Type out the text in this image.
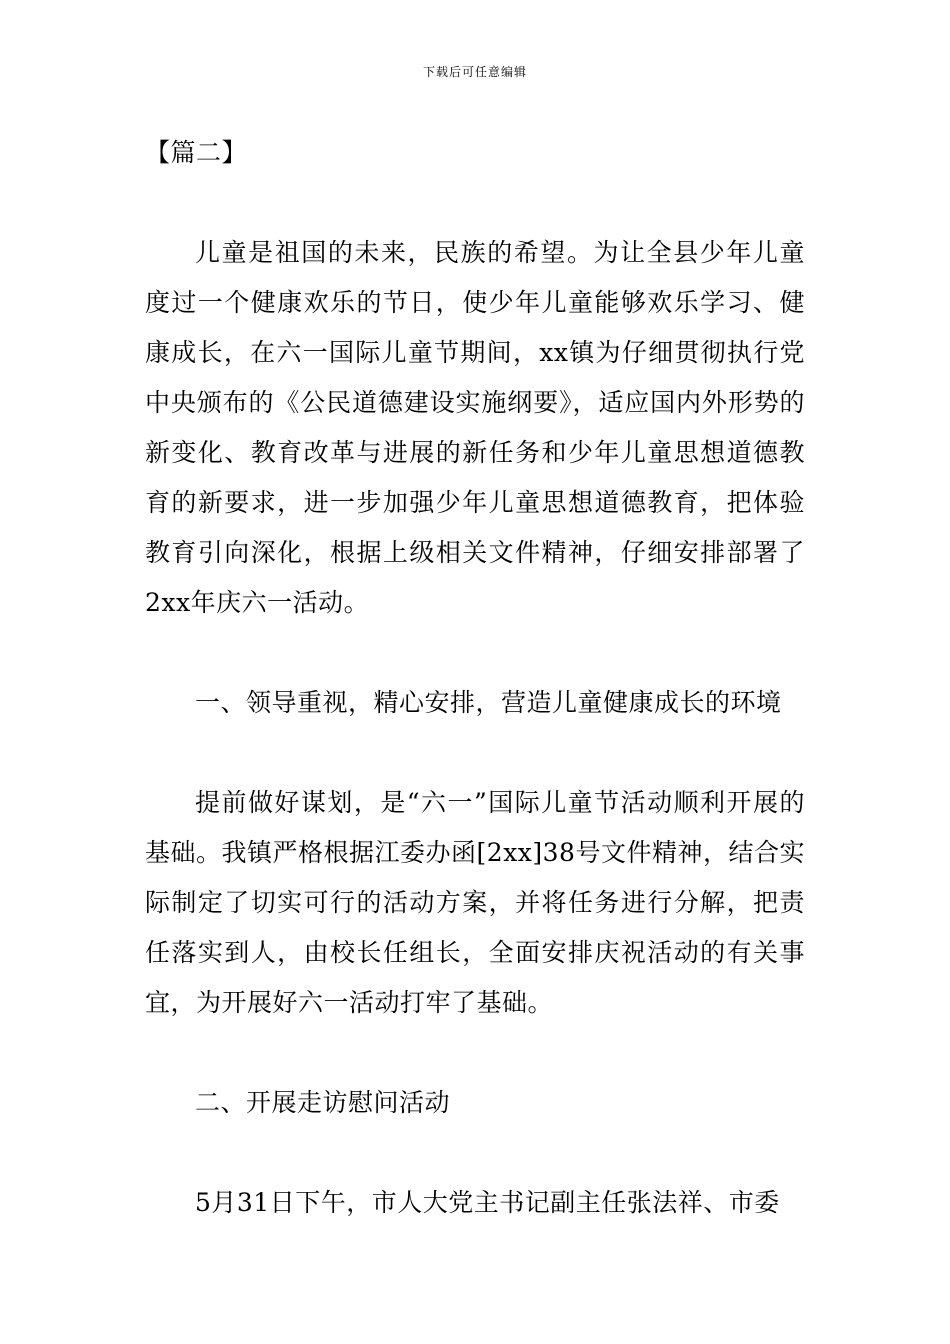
下载后可任意编辑

【篇二】

儿童是祖国的未来，民族的希望。为让全县少年儿童度过一个健康欢乐的节日，使少年儿童能够欢乐学习、健康成长，在六一国际儿童节期间，xx镇为仔细贯彻执行党中央颁布的《公民道德建设实施纲要》，适应国内外形势的新变化、教育改革与进展的新任务和少年儿童思想道德教育的新要求，进一步加强少年儿童思想道德教育，把体验教育引向深化，根据上级相关文件精神，仔细安排部署了2xx年庆六一活动。

一、领导重视，精心安排，营造儿童健康成长的环境

提前做好谋划，是“六一”国际儿童节活动顺利开展的基础。我镇严格根据江委办函[2xx]38号文件精神，结合实际制定了切实可行的活动方案，并将任务进行分解，把责任落实到人，由校长任组长，全面安排庆祝活动的有关事宜，为开展好六一活动打牢了基础。

二、开展走访慰问活动

5月31日下午，市人大党主书记副主任张法祥、市委
